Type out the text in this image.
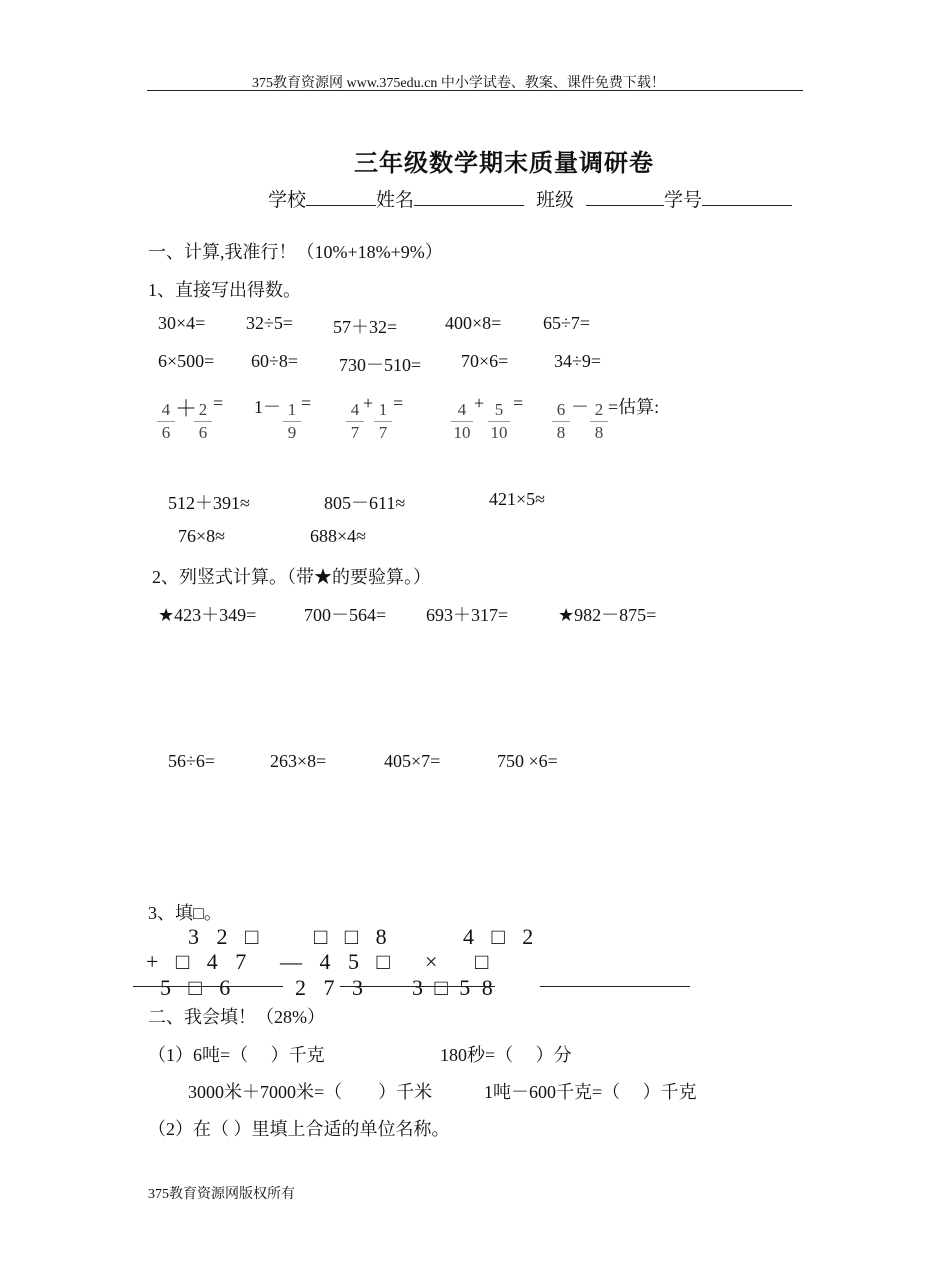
375教育资源网 www.375edu.cn 中小学试卷、教案、课件免费下载！
三年级数学期末质量调研卷
学校	姓名	班级	学号
一、计算,我准行！（10%+18%+9%）
1、直接写出得数。
30×4= 32÷5= 57＋32=	400×8= 65÷7=
6×500= 60÷8= 730－510= 70×6=	34÷9=
4
6
＋ 2
6
= 1－ 1
9
=	4
7
+ 1
7
=	4
10
+ 5
10
=	6
8
－ 2
8
=估算:
512＋391≈	805－611≈	421×5≈
76×8≈	688×4≈
2、列竖式计算。（带★的要验算。）
★423＋349=	700－564= 693＋317=	★982－875=
56÷6=	263×8=	405×7=	750 ×6=
3、填□。
3 2 □ □ □ 8	4 □ 2
+ □ 4 7 — 4 5 □ × □
5 □ 6	2 7 3 3 □ 5 8
二、我会填！（28%）
（1）6吨=（　 ）千克	180秒=（　 ）分
3000米＋7000米=（　　）千米	1吨－600千克=（　 ）千克
（2）在（ ）里填上合适的单位名称。
375教育资源网版权所有
